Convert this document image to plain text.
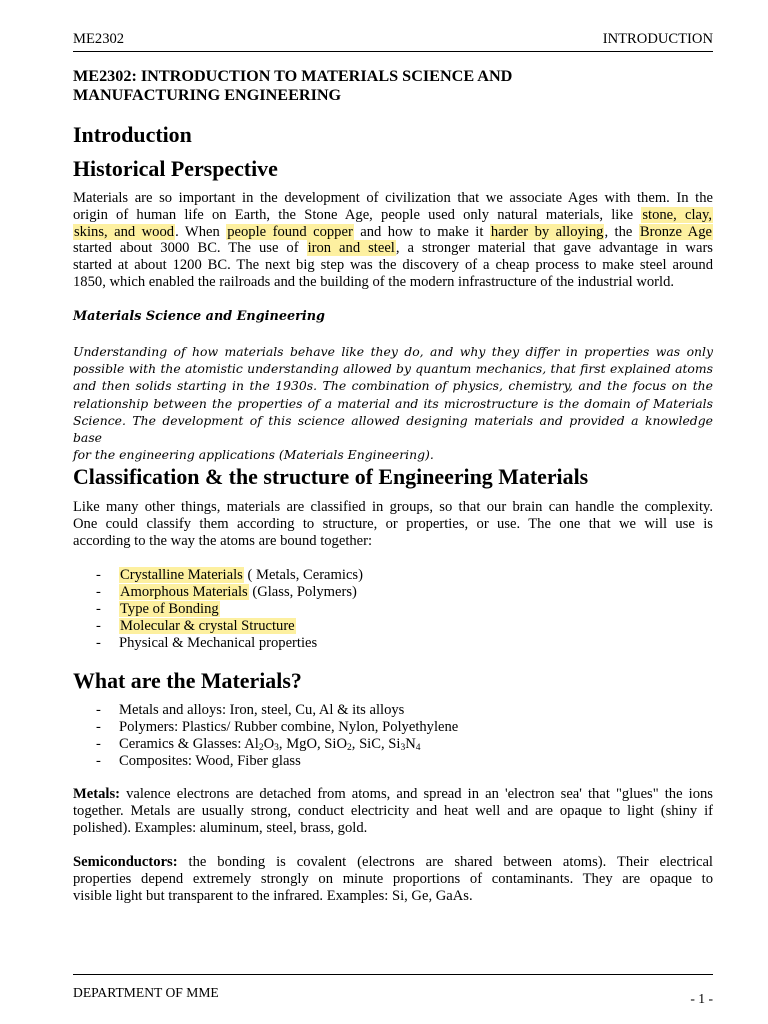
ME2302	INTRODUCTION
ME2302: INTRODUCTION TO MATERIALS SCIENCE AND
MANUFACTURING ENGINEERING
Introduction
Historical Perspective

Materials are so important in the development of civilization that we associate Ages with them. In the
origin of human life on Earth, the Stone Age, people used only natural materials, like stone, clay,
skins, and wood. When people found copper and how to make it harder by alloying, the Bronze Age
started about 3000 BC. The use of iron and steel, a stronger material that gave advantage in wars
started at about 1200 BC. The next big step was the discovery of a cheap process to make steel around
1850, which enabled the railroads and the building of the modern infrastructure of the industrial world.

Materials Science and Engineering

Understanding of how materials behave like they do, and why they differ in properties was only
possible with the atomistic understanding allowed by quantum mechanics, that first explained atoms
and then solids starting in the 1930s. The combination of physics, chemistry, and the focus on the
relationship between the properties of a material and its microstructure is the domain of Materials
Science. The development of this science allowed designing materials and provided a knowledge base
for the engineering applications (Materials Engineering).

Classification & the structure of Engineering Materials

Like many other things, materials are classified in groups, so that our brain can handle the complexity.
One could classify them according to structure, or properties, or use. The one that we will use is
according to the way the atoms are bound together:

- Crystalline Materials ( Metals, Ceramics)
- Amorphous Materials (Glass, Polymers)
- Type of Bonding
- Molecular & crystal Structure
- Physical & Mechanical properties
What are the Materials?
- Metals and alloys: Iron, steel, Cu, Al & its alloys
- Polymers: Plastics/ Rubber combine, Nylon, Polyethylene
- Ceramics & Glasses: $Al_2O_3$, MgO, SiO$_2$, SiC, $Si_3N_4$
- Composites: Wood, Fiber glass

Metals: valence electrons are detached from atoms, and spread in an 'electron sea' that "glues" the ions
together. Metals are usually strong, conduct electricity and heat well and are opaque to light (shiny if
polished). Examples: aluminum, steel, brass, gold.

Semiconductors: the bonding is covalent (electrons are shared between atoms). Their electrical
properties depend extremely strongly on minute proportions of contaminants. They are opaque to
visible light but transparent to the infrared. Examples: Si, Ge, GaAs.

DEPARTMENT OF MME	- 1 -
